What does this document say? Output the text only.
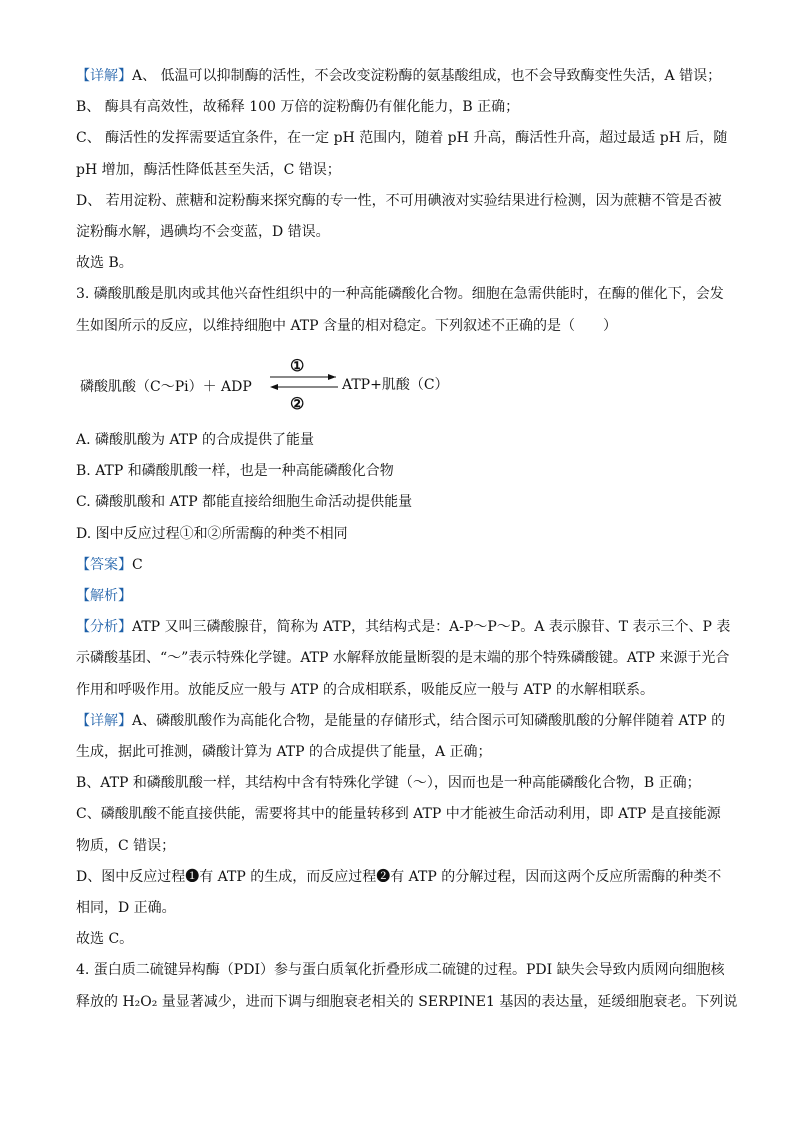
【详解】A、 低温可以抑制酶的活性，不会改变淀粉酶的氨基酸组成，也不会导致酶变性失活，A 错误；
B、 酶具有高效性，故稀释 100 万倍的淀粉酶仍有催化能力，B 正确；
C、 酶活性的发挥需要适宜条件，在一定 pH 范围内，随着 pH 升高，酶活性升高，超过最适 pH 后，随
pH 增加，酶活性降低甚至失活，C 错误；
D、 若用淀粉、蔗糖和淀粉酶来探究酶的专一性，不可用碘液对实验结果进行检测，因为蔗糖不管是否被
淀粉酶水解，遇碘均不会变蓝，D 错误。
故选 B。
3. 磷酸肌酸是肌肉或其他兴奋性组织中的一种高能磷酸化合物。细胞在急需供能时，在酶的催化下，会发
生如图所示的反应，以维持细胞中 ATP 含量的相对稳定。下列叙述不正确的是（　　）
磷酸肌酸（C～Pi）＋ ADP
①
②
ATP+肌酸（C）
A. 磷酸肌酸为 ATP 的合成提供了能量
B. ATP 和磷酸肌酸一样，也是一种高能磷酸化合物
C. 磷酸肌酸和 ATP 都能直接给细胞生命活动提供能量
D. 图中反应过程①和②所需酶的种类不相同
【答案】C
【解析】
【分析】ATP 又叫三磷酸腺苷，简称为 ATP，其结构式是：A-P～P～P。A 表示腺苷、T 表示三个、P 表
示磷酸基团、“～”表示特殊化学键。ATP 水解释放能量断裂的是末端的那个特殊磷酸键。ATP 来源于光合
作用和呼吸作用。放能反应一般与 ATP 的合成相联系，吸能反应一般与 ATP 的水解相联系。
【详解】A、磷酸肌酸作为高能化合物，是能量的存储形式，结合图示可知磷酸肌酸的分解伴随着 ATP 的
生成，据此可推测，磷酸计算为 ATP 的合成提供了能量，A 正确；
B、ATP 和磷酸肌酸一样，其结构中含有特殊化学键（～），因而也是一种高能磷酸化合物，B 正确；
C、磷酸肌酸不能直接供能，需要将其中的能量转移到 ATP 中才能被生命活动利用，即 ATP 是直接能源
物质，C 错误；
D、图中反应过程❶有 ATP 的生成，而反应过程❷有 ATP 的分解过程，因而这两个反应所需酶的种类不
相同，D 正确。
故选 C。
4. 蛋白质二硫键异构酶（PDI）参与蛋白质氧化折叠形成二硫键的过程。PDI 缺失会导致内质网向细胞核
释放的 H₂O₂ 量显著减少，进而下调与细胞衰老相关的 SERPINE1 基因的表达量，延缓细胞衰老。下列说
